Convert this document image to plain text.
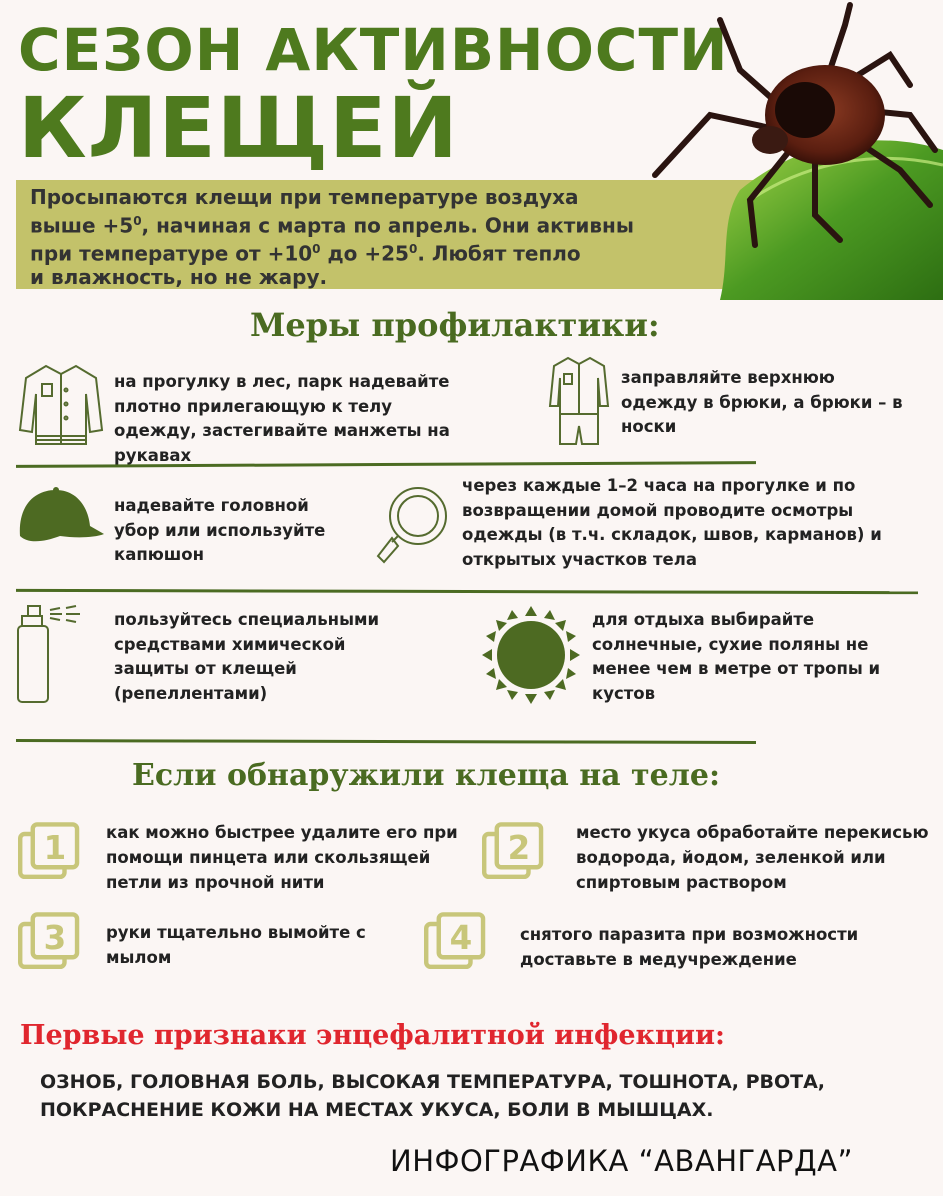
СЕЗОН АКТИВНОСТИ
КЛЕЩЕЙ
Просыпаются клещи при температуре воздуха
выше $+5^0$, начиная с марта по апрель. Они активны
при температуре от $+10^0$ до $+25^0$. Любят тепло
и влажность, но не жару.
Меры профилактики:
на прогулку в лес, парк надевайте плотно прилегающую к телу одежду, застегивайте манжеты на рукавах
заправляйте верхнюю одежду в брюки, а брюки – в носки
надевайте головной убор или используйте капюшон
через каждые 1–2 часа на прогулке и по возвращении домой проводите осмотры одежды (в т.ч. складок, швов, карманов) и открытых участков тела
пользуйтесь специальными средствами химической защиты от клещей (репеллентами)
для отдыха выбирайте солнечные, сухие поляны не менее чем в метре от тропы и кустов
Если обнаружили клеща на теле:
1 как можно быстрее удалите его при помощи пинцета или скользящей петли из прочной нити
2	место укуса обработайте перекисью водорода, йодом, зеленкой или спиртовым раствором
3 руки тщательно вымойте с мылом
4	снятого паразита при возможности доставьте в медучреждение
Первые признаки энцефалитной инфекции:
ОЗНОБ, ГОЛОВНАЯ БОЛЬ, ВЫСОКАЯ ТЕМПЕРАТУРА, ТОШНОТА, РВОТА,
ПОКРАСНЕНИЕ КОЖИ НА МЕСТАХ УКУСА, БОЛИ В МЫШЦАХ.
ИНФОГРАФИКА “АВАНГАРДА”
